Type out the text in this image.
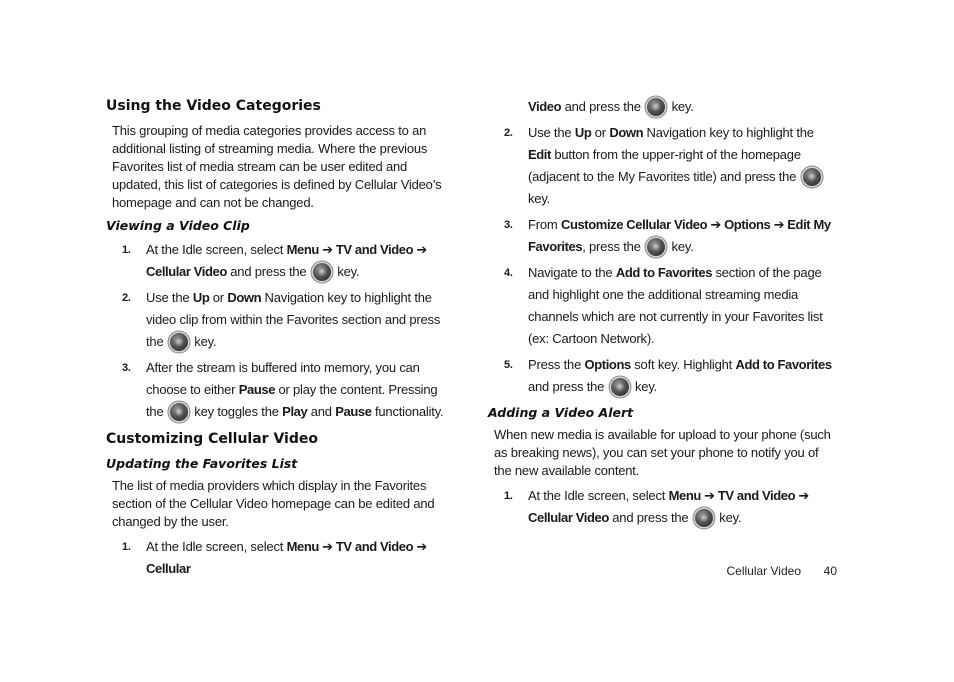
Using the Video Categories

This grouping of media categories provides access to an additional listing of streaming media. Where the previous Favorites list of media stream can be user edited and updated, this list of categories is defined by Cellular Video’s homepage and can not be changed.

Viewing a Video Clip
1. At the Idle screen, select Menu ➔ TV and Video ➔ Cellular Video and press the  key.
2. Use the Up or Down Navigation key to highlight the video clip from within the Favorites section and press the  key.
3. After the stream is buffered into memory, you can choose to either Pause or play the content. Pressing the  key toggles the Play and Pause functionality.
Customizing Cellular Video
Updating the Favorites List

The list of media providers which display in the Favorites section of the Cellular Video homepage can be edited and changed by the user.

1. At the Idle screen, select Menu ➔ TV and Video ➔ Cellular
Video and press the  key.
2. Use the Up or Down Navigation key to highlight the Edit button from the upper-right of the homepage (adjacent to the My Favorites title) and press the  key.
3. From Customize Cellular Video ➔ Options ➔ Edit My Favorites, press the  key.
4. Navigate to the Add to Favorites section of the page and highlight one the additional streaming media channels which are not currently in your Favorites list (ex: Cartoon Network).
5. Press the Options soft key. Highlight Add to Favorites and press the  key.
Adding a Video Alert

When new media is available for upload to your phone (such as breaking news), you can set your phone to notify you of the new available content.

1. At the Idle screen, select Menu ➔ TV and Video ➔ Cellular Video and press the  key.
Cellular Video 40
